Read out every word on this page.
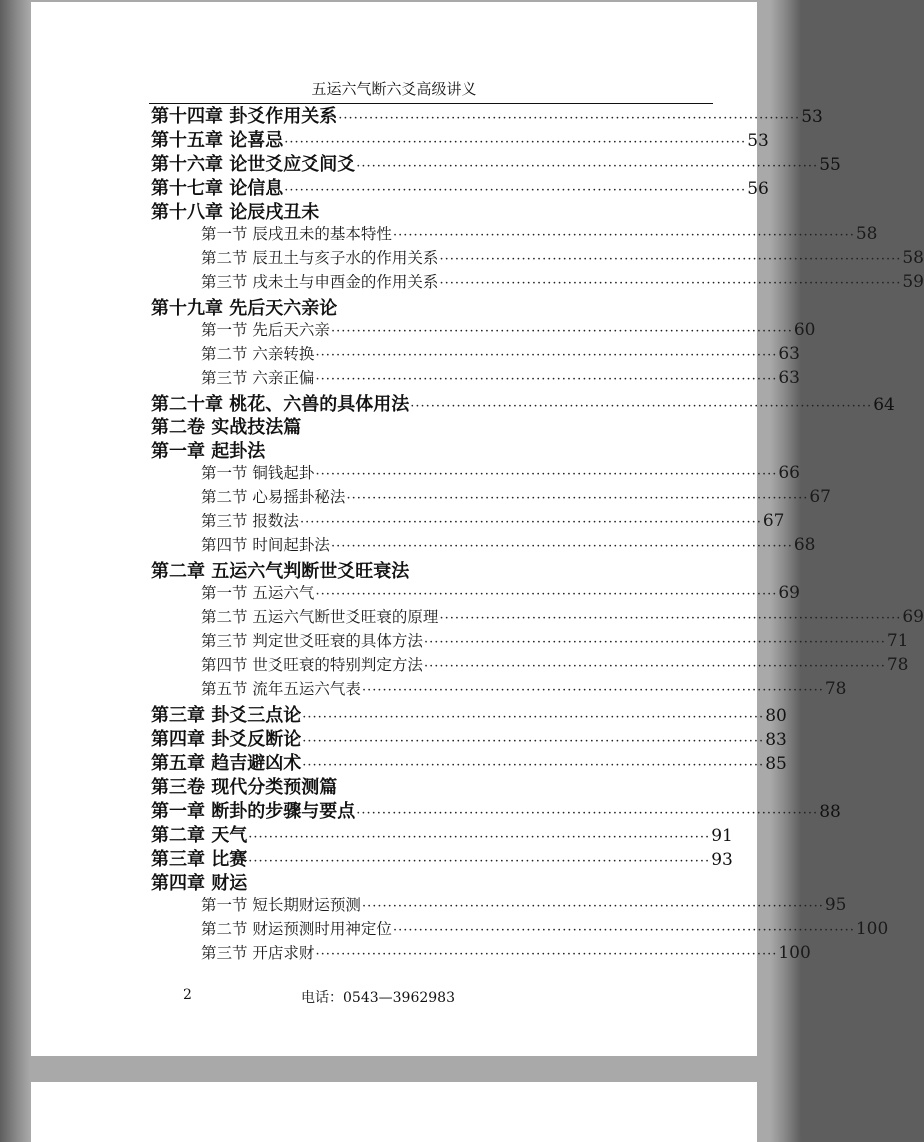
五运六气断六爻高级讲义
第十四章 卦爻作用关系 ·························································································· 53
第十五章 论喜忌 ·························································································· 53
第十六章 论世爻应爻间爻 ·························································································· 55
第十七章 论信息 ·························································································· 56
第十八章 论辰戌丑未
第一节 辰戌丑未的基本特性 ·························································································· 58
第二节 辰丑土与亥子水的作用关系 ·························································································· 58
第三节 戌未土与申酉金的作用关系 ·························································································· 59
第十九章 先后天六亲论
第一节 先后天六亲 ·························································································· 60
第二节 六亲转换 ·························································································· 63
第三节 六亲正偏 ·························································································· 63
第二十章 桃花、六兽的具体用法 ·························································································· 64
第二卷 实战技法篇
第一章 起卦法
第一节 铜钱起卦 ·························································································· 66
第二节 心易摇卦秘法 ·························································································· 67
第三节 报数法 ·························································································· 67
第四节 时间起卦法 ·························································································· 68
第二章 五运六气判断世爻旺衰法
第一节 五运六气 ·························································································· 69
第二节 五运六气断世爻旺衰的原理 ·························································································· 69
第三节 判定世爻旺衰的具体方法 ·························································································· 71
第四节 世爻旺衰的特别判定方法 ·························································································· 78
第五节 流年五运六气表 ·························································································· 78
第三章 卦爻三点论 ·························································································· 80
第四章 卦爻反断论 ·························································································· 83
第五章 趋吉避凶术 ·························································································· 85
第三卷 现代分类预测篇
第一章 断卦的步骤与要点 ·························································································· 88
第二章 天气 ·························································································· 91
第三章 比赛 ·························································································· 93
第四章 财运
第一节 短长期财运预测 ·························································································· 95
第二节 财运预测时用神定位 ·························································································· 100
第三节 开店求财 ·························································································· 100
2	电话：0543—3962983
